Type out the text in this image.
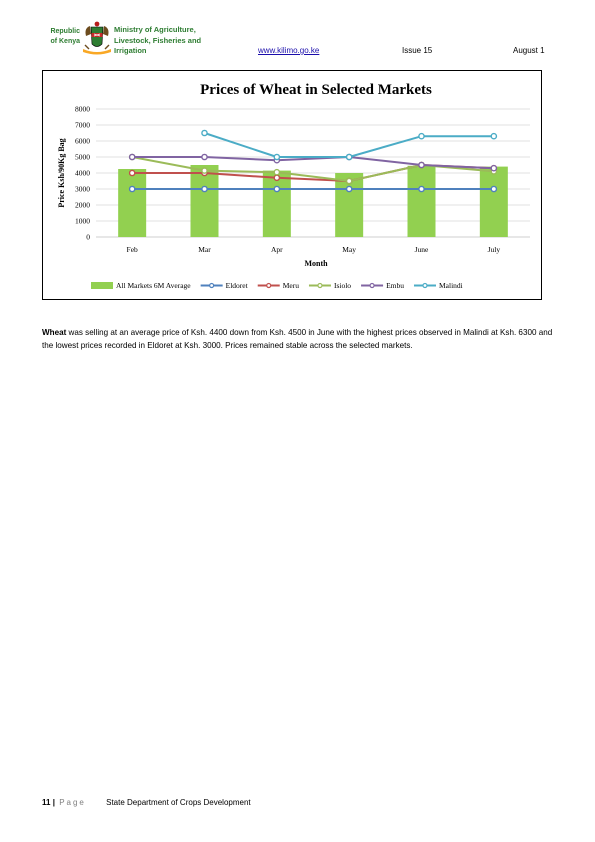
Republic
of Kenya
Ministry of Agriculture,
Livestock, Fisheries and
Irrigation	www.kilimo.go.ke	Issue 15	August 1
Prices of Wheat in Selected Markets
0
1000
2000
3000
4000
5000
6000
7000
8000
Price Ksh/90Kg Bag
Feb	Mar	Apr	May	June	July
Month
All Markets 6M Average	Eldoret	Meru	Isiolo	Embu	Malindi

Wheat was selling at an average price of Ksh. 4400 down from Ksh. 4500 in June with the highest prices observed in Malindi at Ksh. 6300 and the lowest prices recorded in Eldoret at Ksh. 3000. Prices remained stable across the selected markets.

11 | Page	State Department of Crops Development
